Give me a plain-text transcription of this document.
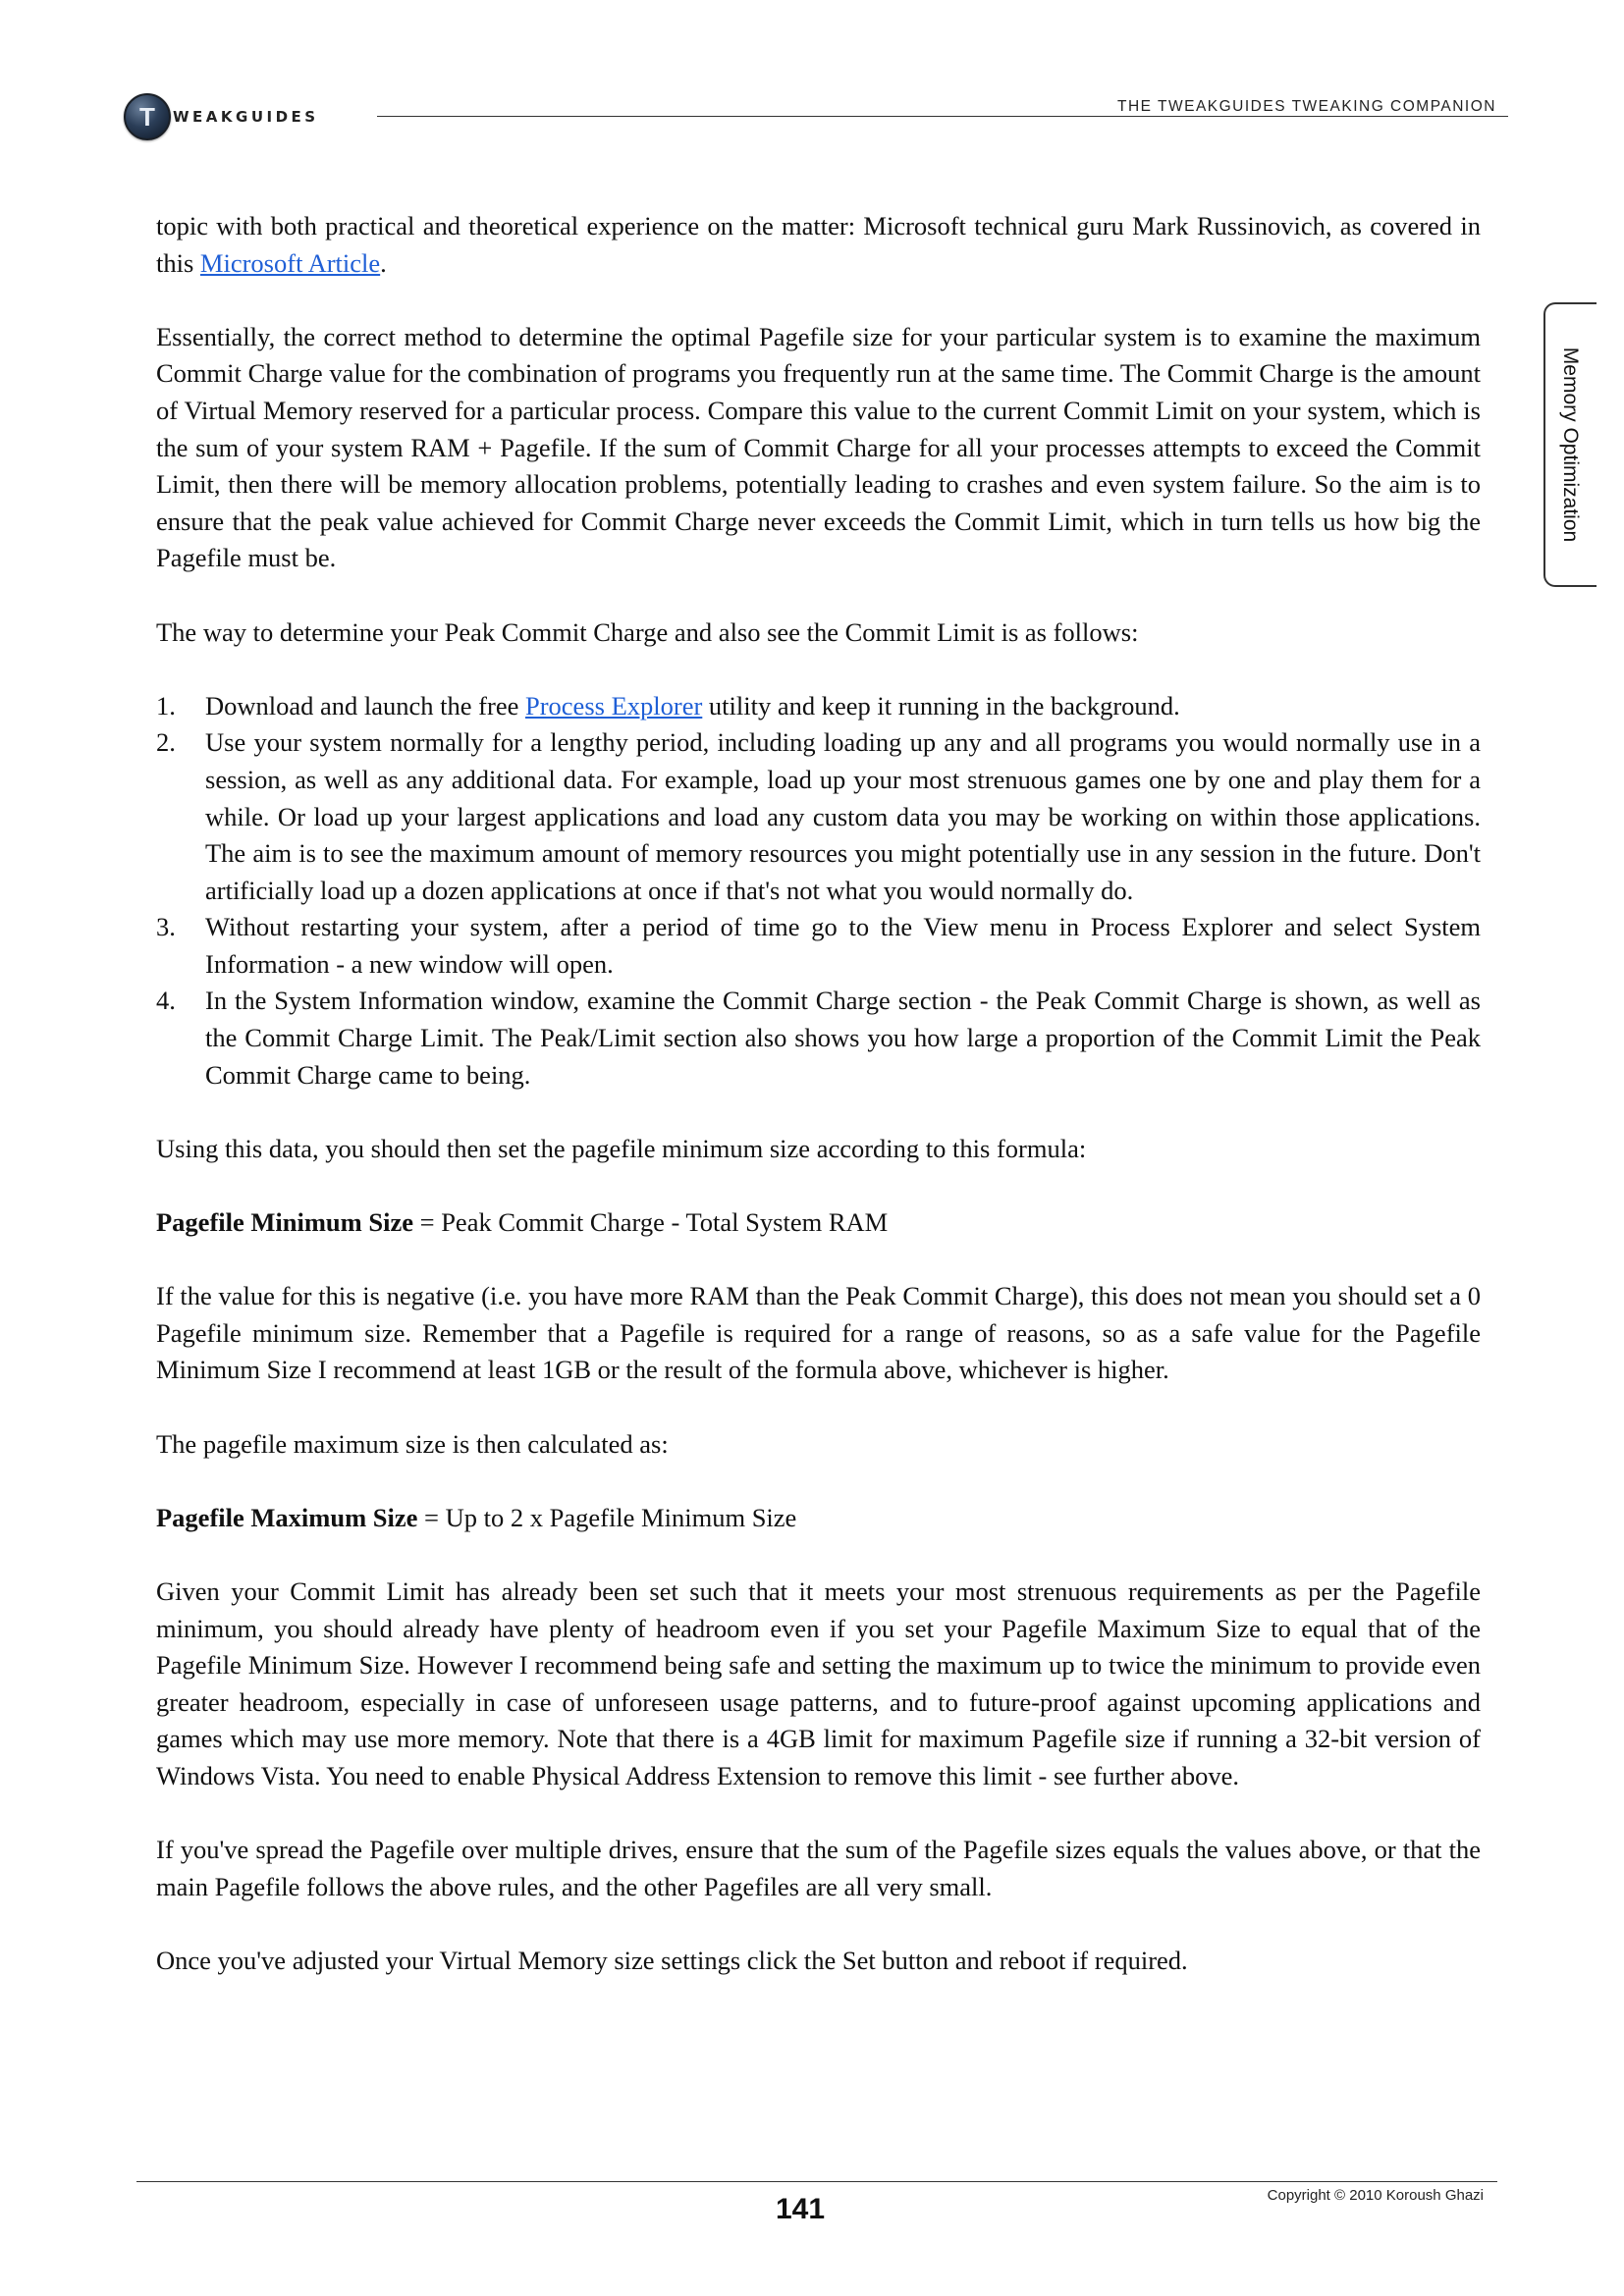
T	WEAKGUIDES
THE TWEAKGUIDES TWEAKING COMPANION
Memory Optimization

topic with both practical and theoretical experience on the matter: Microsoft technical guru Mark Russinovich, as covered in this Microsoft Article.

Essentially, the correct method to determine the optimal Pagefile size for your particular system is to examine the maximum Commit Charge value for the combination of programs you frequently run at the same time. The Commit Charge is the amount of Virtual Memory reserved for a particular process. Compare this value to the current Commit Limit on your system, which is the sum of your system RAM + Pagefile. If the sum of Commit Charge for all your processes attempts to exceed the Commit Limit, then there will be memory allocation problems, potentially leading to crashes and even system failure. So the aim is to ensure that the peak value achieved for Commit Charge never exceeds the Commit Limit, which in turn tells us how big the Pagefile must be.

The way to determine your Peak Commit Charge and also see the Commit Limit is as follows:

1. Download and launch the free Process Explorer utility and keep it running in the background.
2. Use your system normally for a lengthy period, including loading up any and all programs you would normally use in a session, as well as any additional data. For example, load up your most strenuous games one by one and play them for a while. Or load up your largest applications and load any custom data you may be working on within those applications. The aim is to see the maximum amount of memory resources you might potentially use in any session in the future. Don't artificially load up a dozen applications at once if that's not what you would normally do.
3. Without restarting your system, after a period of time go to the View menu in Process Explorer and select System Information - a new window will open.
4. In the System Information window, examine the Commit Charge section - the Peak Commit Charge is shown, as well as the Commit Charge Limit. The Peak/Limit section also shows you how large a proportion of the Commit Limit the Peak Commit Charge came to being.

Using this data, you should then set the pagefile minimum size according to this formula:

Pagefile Minimum Size = Peak Commit Charge - Total System RAM

If the value for this is negative (i.e. you have more RAM than the Peak Commit Charge), this does not mean you should set a 0 Pagefile minimum size. Remember that a Pagefile is required for a range of reasons, so as a safe value for the Pagefile Minimum Size I recommend at least 1GB or the result of the formula above, whichever is higher.

The pagefile maximum size is then calculated as:

Pagefile Maximum Size = Up to 2 x Pagefile Minimum Size

Given your Commit Limit has already been set such that it meets your most strenuous requirements as per the Pagefile minimum, you should already have plenty of headroom even if you set your Pagefile Maximum Size to equal that of the Pagefile Minimum Size. However I recommend being safe and setting the maximum up to twice the minimum to provide even greater headroom, especially in case of unforeseen usage patterns, and to future-proof against upcoming applications and games which may use more memory. Note that there is a 4GB limit for maximum Pagefile size if running a 32-bit version of Windows Vista. You need to enable Physical Address Extension to remove this limit - see further above.

If you've spread the Pagefile over multiple drives, ensure that the sum of the Pagefile sizes equals the values above, or that the main Pagefile follows the above rules, and the other Pagefiles are all very small.

Once you've adjusted your Virtual Memory size settings click the Set button and reboot if required.

141	Copyright © 2010 Koroush Ghazi
